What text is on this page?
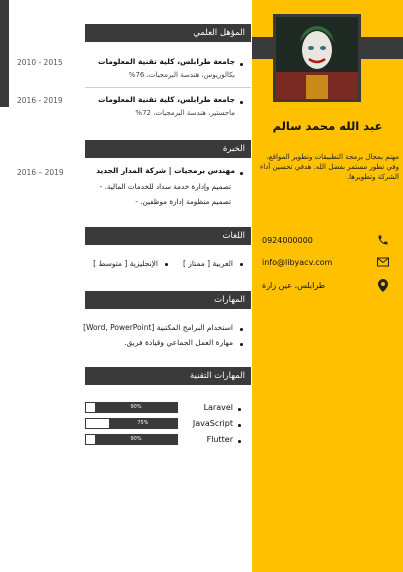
عبد الله محمد سالم
مهتم بمجال برمجة التطبيقات وتطوير المواقع، وفي تطور مستمر بفضل الله. هدفي تحسين أداء الشركة وتطويرها.
0924000000
info@libyacv.com
طرابلس، عين زارة
المؤهل العلمي
جامعة طرابلس، كلية تقنية المعلومات
بكالوريوس، هندسة البرمجيات، 76%
2010 - 2015
جامعة طرابلس، كلية تقنية المعلومات
ماجستير، هندسة البرمجيات، 72%
2016 - 2019
الخبرة
مهندس برمجيات | شركة المدار الجديد
2016 – 2019
تصميم وإدارة خدمة سداد للخدمات المالية. -
تصميم منظومة إدارة موظفين. -
اللغات
العربية [ ممتاز ]
الإنجليزية [ متوسط ]
المهارات
استخدام البرامج المكتبية [Word, PowerPoint]
مهارة العمل الجماعي وقيادة فريق.
المهارات التقنية
90%	Laravel
75%	JavaScript
90%	Flutter
